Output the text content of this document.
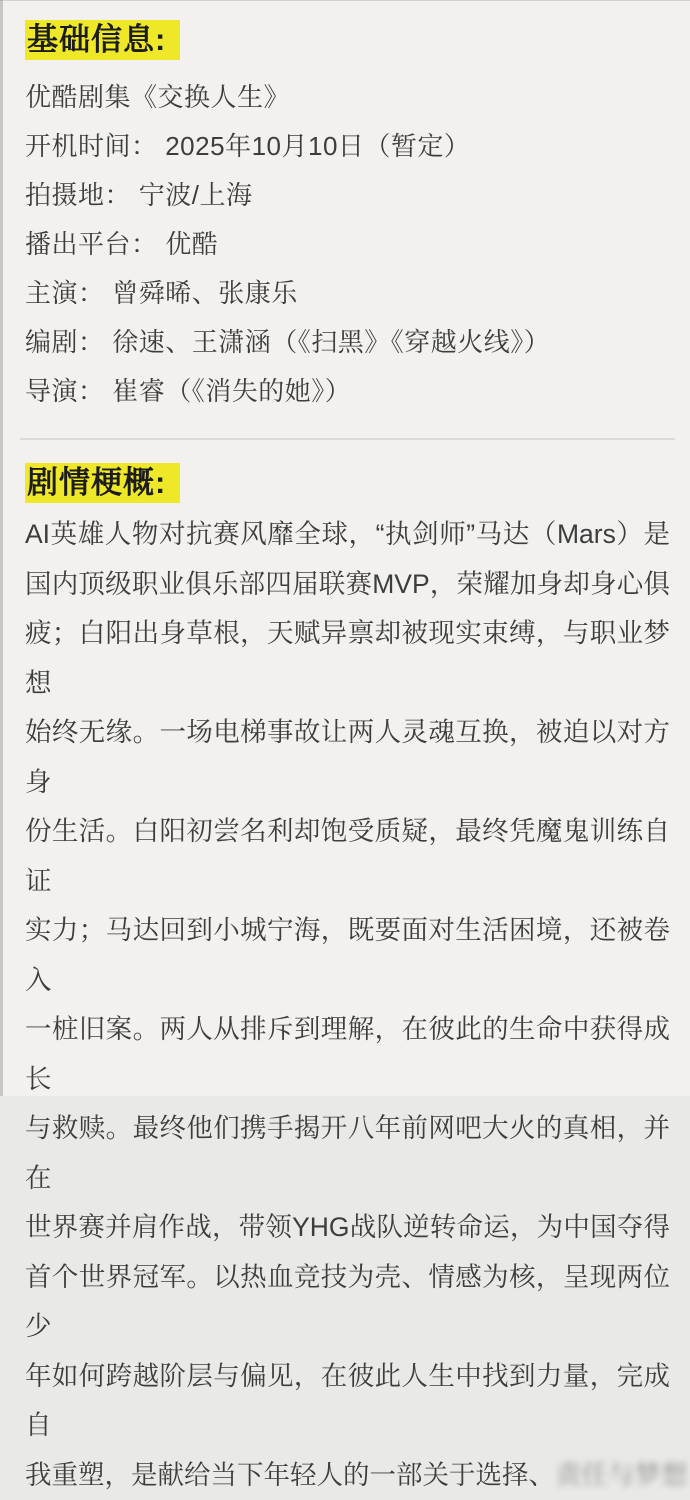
基础信息:
优酷剧集《交换人生》
开机时间： 2025年10月10日（暂定）
拍摄地： 宁波/上海
播出平台： 优酷
主演： 曾舜晞、张康乐
编剧： 徐速、王潇涵（《扫黑》《穿越火线》）
导演： 崔睿（《消失的她》）
剧情梗概:
AI英雄人物对抗赛风靡全球，“执剑师”马达（Mars）是
国内顶级职业俱乐部四届联赛MVP，荣耀加身却身心俱
疲；白阳出身草根，天赋异禀却被现实束缚，与职业梦想
始终无缘。一场电梯事故让两人灵魂互换，被迫以对方身
份生活。白阳初尝名利却饱受质疑，最终凭魔鬼训练自证
实力；马达回到小城宁海，既要面对生活困境，还被卷入
一桩旧案。两人从排斥到理解，在彼此的生命中获得成长
与救赎。最终他们携手揭开八年前网吧大火的真相，并在
世界赛并肩作战，带领YHG战队逆转命运，为中国夺得
首个世界冠军。以热血竞技为壳、情感为核，呈现两位少
年如何跨越阶层与偏见，在彼此人生中找到力量，完成自
我重塑，是献给当下年轻人的一部关于选择、责任与梦想
